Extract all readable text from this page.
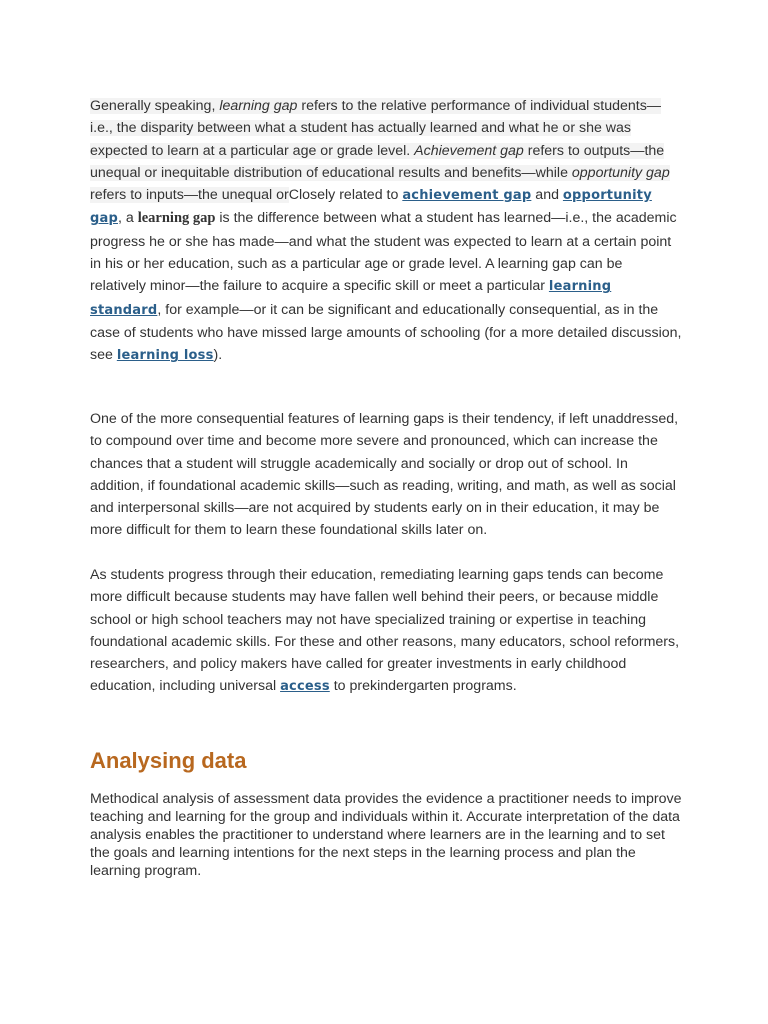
Generally speaking, learning gap refers to the relative performance of individual students—i.e., the disparity between what a student has actually learned and what he or she was expected to learn at a particular age or grade level. Achievement gap refers to outputs—the unequal or inequitable distribution of educational results and benefits—while opportunity gap refers to inputs—the unequal orClosely related to achievement gap and opportunity gap, a learning gap is the difference between what a student has learned—i.e., the academic progress he or she has made—and what the student was expected to learn at a certain point in his or her education, such as a particular age or grade level. A learning gap can be relatively minor—the failure to acquire a specific skill or meet a particular learning standard, for example—or it can be significant and educationally consequential, as in the case of students who have missed large amounts of schooling (for a more detailed discussion, see learning loss).

One of the more consequential features of learning gaps is their tendency, if left unaddressed, to compound over time and become more severe and pronounced, which can increase the chances that a student will struggle academically and socially or drop out of school. In addition, if foundational academic skills—such as reading, writing, and math, as well as social and interpersonal skills—are not acquired by students early on in their education, it may be more difficult for them to learn these foundational skills later on.

As students progress through their education, remediating learning gaps tends can become more difficult because students may have fallen well behind their peers, or because middle school or high school teachers may not have specialized training or expertise in teaching foundational academic skills. For these and other reasons, many educators, school reformers, researchers, and policy makers have called for greater investments in early childhood education, including universal access to prekindergarten programs.

Analysing data

Methodical analysis of assessment data provides the evidence a practitioner needs to improve teaching and learning for the group and individuals within it. Accurate interpretation of the data analysis enables the practitioner to understand where learners are in the learning and to set the goals and learning intentions for the next steps in the learning process and plan the learning program.
